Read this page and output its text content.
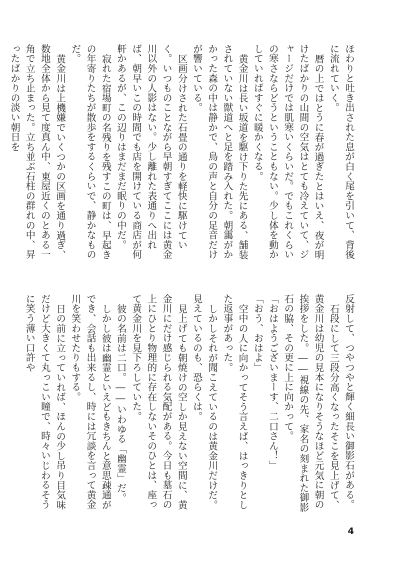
ほわりと吐き出された息が白く尾を引いて、背後に流れていく。

暦の上ではとうに春が過ぎたとはいえ、夜が明けたばかりの山間の空気はとても冷えていて、ジャージだけでは肌寒いくらいだ。でもこれくらいの寒さならどうということもない。少し体を動かしていればすぐに暖かくなる。

黄金川は長い坂道を駆け下りた先にある、舗装されていない獣道へと足を踏み入れた。朝靄がかかった森の中は静かで、鳥の声と自分の足音だけが響いている。

区画分けされた石畳の通りを軽快に駆けていく。いつものことながら早朝すぎてここには黄金川以外の人影はない。少し離れた表通りへ出れば、朝早いこの時間でも店を開けている商店が何軒かあるが、この辺りはまだまだ眠りの中だ。

寂れた宿場町の名残りを残すこの町は、早起きの年寄りたちが散歩をするくらいで、静かなものだ。

黄金川は上機嫌でいくつかの区画を通り過ぎ、数地全体から見て度真ん中、東屋近くのとある一角で立ち止まった。立ち並ぶ石柱の群れの中、昇ったばかりの淡い朝日を

反射して、つやつやと輝く細長い御影石がある。

石段にして三段分高くなったそこを見上げて、黄金川は幼児の見本になりそうなほど元気に朝の挨拶をした。――視線の先、家名の刻まれた御影石の脇、その更に上に向かって。

「おはようございまーす、二口さん！」

「おう、おはよ」

空中の人に向かってそう言えば、はっきりとした返事があった。

しかしそれが聞こえているのは黄金川だけだ。見えているのも、恐らくは。

見上げても朝焼けの空しか見えない空間に、黄金川にだけ感じられる気配がある。今日も墓石の上にひとり物理的に存在しないそのひとは、座って黄金川を見下ろしていた。

彼の名前は二口。――いわゆる「幽霊」だ。

しかし彼は幽霊といえどもきちんと意思疎通ができ、会話も出来るし、時には冗談を言って黄金川を笑わせたりもする。

日の前に立っていれば、ほんの少し吊り目気味だけど大きくて丸っこい瞳で、時々いじわるそうに笑う薄い口許や

4
